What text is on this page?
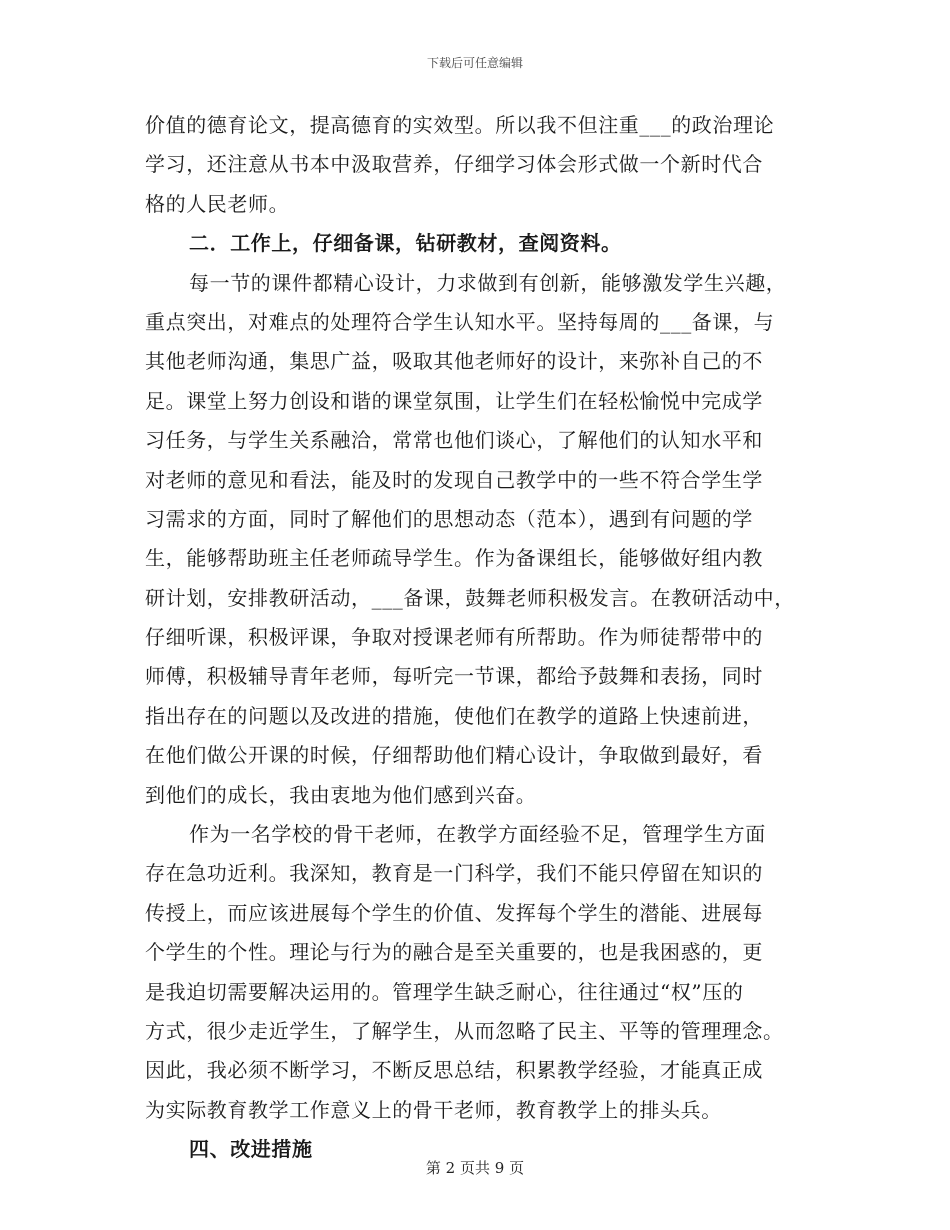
下载后可任意编辑
价值的德育论文，提高德育的实效型。所以我不但注重___的政治理论
学习，还注意从书本中汲取营养，仔细学习体会形式做一个新时代合
格的人民老师。
二．工作上，仔细备课，钻研教材，查阅资料。
每一节的课件都精心设计，力求做到有创新，能够激发学生兴趣，
重点突出，对难点的处理符合学生认知水平。坚持每周的___备课，与
其他老师沟通，集思广益，吸取其他老师好的设计，来弥补自己的不
足。课堂上努力创设和谐的课堂氛围，让学生们在轻松愉悦中完成学
习任务，与学生关系融洽，常常也他们谈心，了解他们的认知水平和
对老师的意见和看法，能及时的发现自己教学中的一些不符合学生学
习需求的方面，同时了解他们的思想动态（范本），遇到有问题的学
生，能够帮助班主任老师疏导学生。作为备课组长，能够做好组内教
研计划，安排教研活动，___备课，鼓舞老师积极发言。在教研活动中，
仔细听课，积极评课，争取对授课老师有所帮助。作为师徒帮带中的
师傅，积极辅导青年老师，每听完一节课，都给予鼓舞和表扬，同时
指出存在的问题以及改进的措施，使他们在教学的道路上快速前进，
在他们做公开课的时候，仔细帮助他们精心设计，争取做到最好，看
到他们的成长，我由衷地为他们感到兴奋。
作为一名学校的骨干老师，在教学方面经验不足，管理学生方面
存在急功近利。我深知，教育是一门科学，我们不能只停留在知识的
传授上，而应该进展每个学生的价值、发挥每个学生的潜能、进展每
个学生的个性。理论与行为的融合是至关重要的，也是我困惑的，更
是我迫切需要解决运用的。管理学生缺乏耐心，往往通过“权”压的
方式，很少走近学生，了解学生，从而忽略了民主、平等的管理理念。
因此，我必须不断学习，不断反思总结，积累教学经验，才能真正成
为实际教育教学工作意义上的骨干老师，教育教学上的排头兵。
四、改进措施
第 2 页共 9 页
